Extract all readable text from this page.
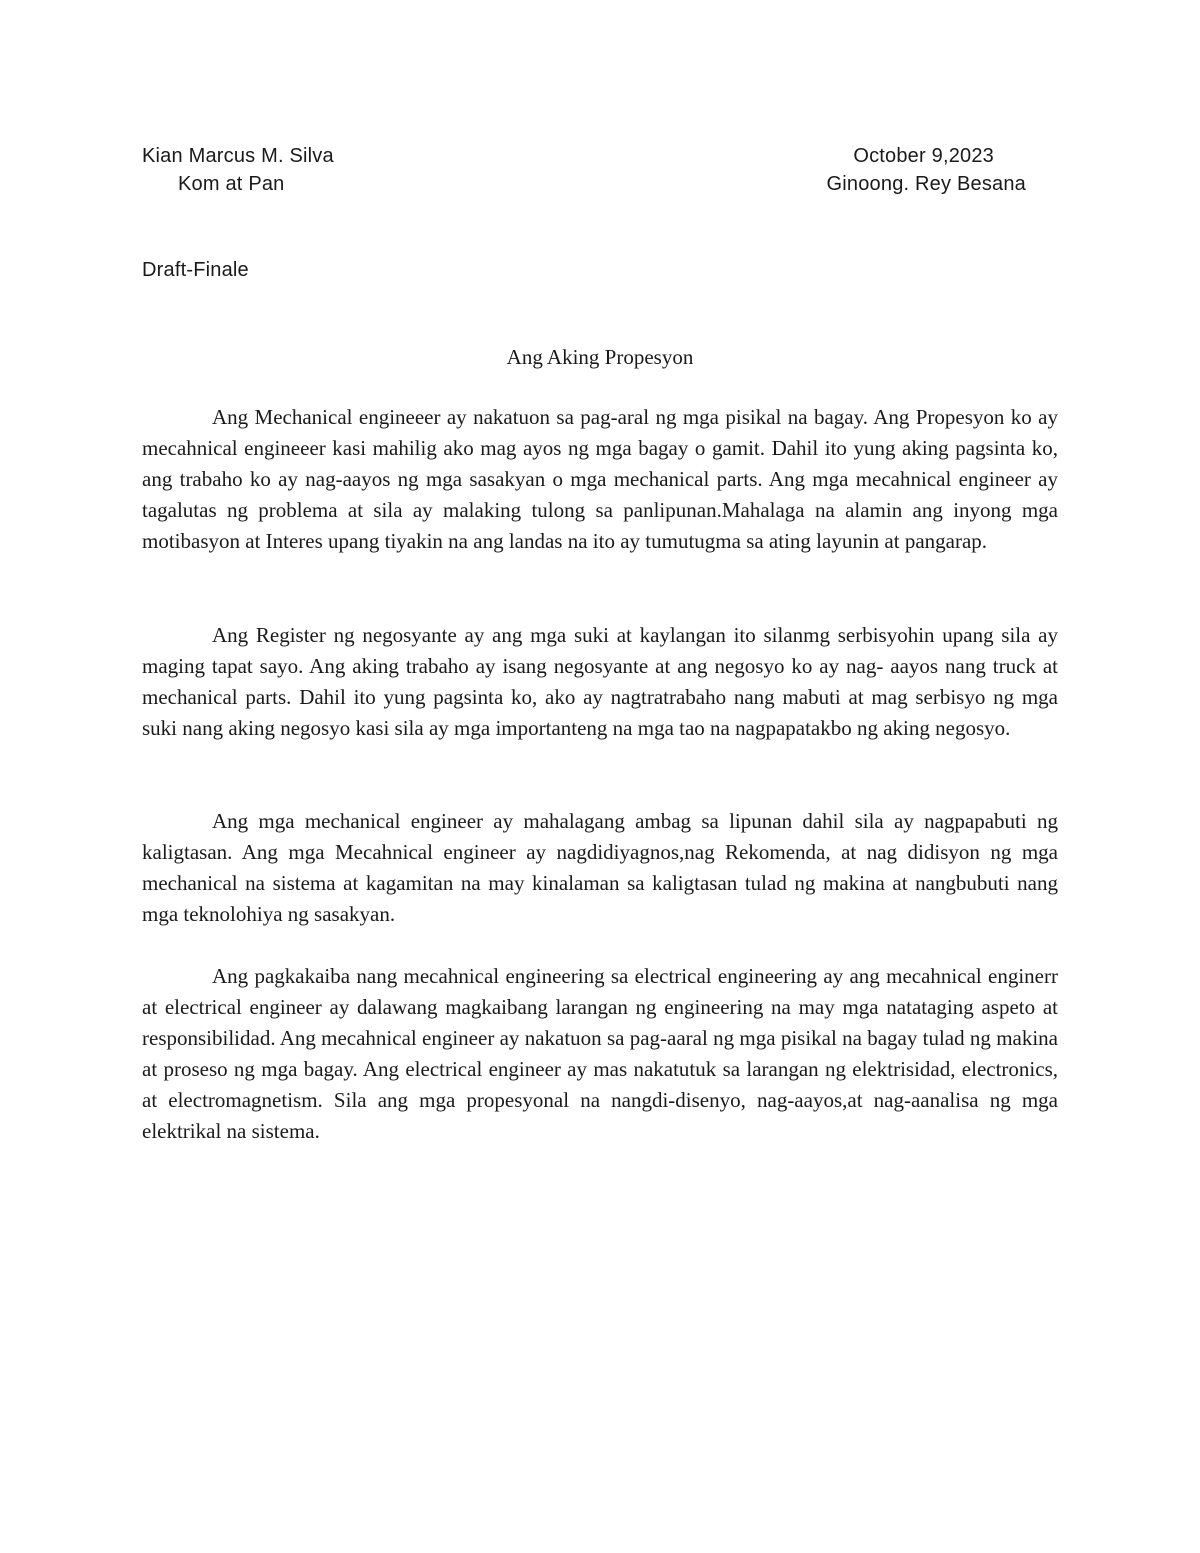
Kian Marcus M. Silva
Kom at Pan
October 9,2023
Ginoong. Rey Besana
Draft-Finale
Ang Aking Propesyon

Ang Mechanical engineeer ay nakatuon sa pag-aral ng mga pisikal na bagay. Ang Propesyon ko ay mecahnical engineeer kasi mahilig ako mag ayos ng mga bagay o gamit. Dahil ito yung aking pagsinta ko, ang trabaho ko ay nag-aayos ng mga sasakyan o mga mechanical parts. Ang mga mecahnical engineer ay tagalutas ng problema at sila ay malaking tulong sa panlipunan.Mahalaga na alamin ang inyong mga motibasyon at Interes upang tiyakin na ang landas na ito ay tumutugma sa ating layunin at pangarap.

Ang Register ng negosyante ay ang mga suki at kaylangan ito silanmg serbisyohin upang sila ay maging tapat sayo. Ang aking trabaho ay isang negosyante at ang negosyo ko ay nag- aayos nang truck at mechanical parts. Dahil ito yung pagsinta ko, ako ay nagtratrabaho nang mabuti at mag serbisyo ng mga suki nang aking negosyo kasi sila ay mga importanteng na mga tao na nagpapatakbo ng aking negosyo.

Ang mga mechanical engineer ay mahalagang ambag sa lipunan dahil sila ay nagpapabuti ng kaligtasan. Ang mga Mecahnical engineer ay nagdidiyagnos,nag Rekomenda, at nag didisyon ng mga mechanical na sistema at kagamitan na may kinalaman sa kaligtasan tulad ng makina at nangbubuti nang mga teknolohiya ng sasakyan.

Ang pagkakaiba nang mecahnical engineering sa electrical engineering ay ang mecahnical enginerr at electrical engineer ay dalawang magkaibang larangan ng engineering na may mga natataging aspeto at responsibilidad. Ang mecahnical engineer ay nakatuon sa pag-aaral ng mga pisikal na bagay tulad ng makina at proseso ng mga bagay. Ang electrical engineer ay mas nakatutuk sa larangan ng elektrisidad, electronics, at electromagnetism. Sila ang mga propesyonal na nangdi-disenyo, nag-aayos,at nag-aanalisa ng mga elektrikal na sistema.
